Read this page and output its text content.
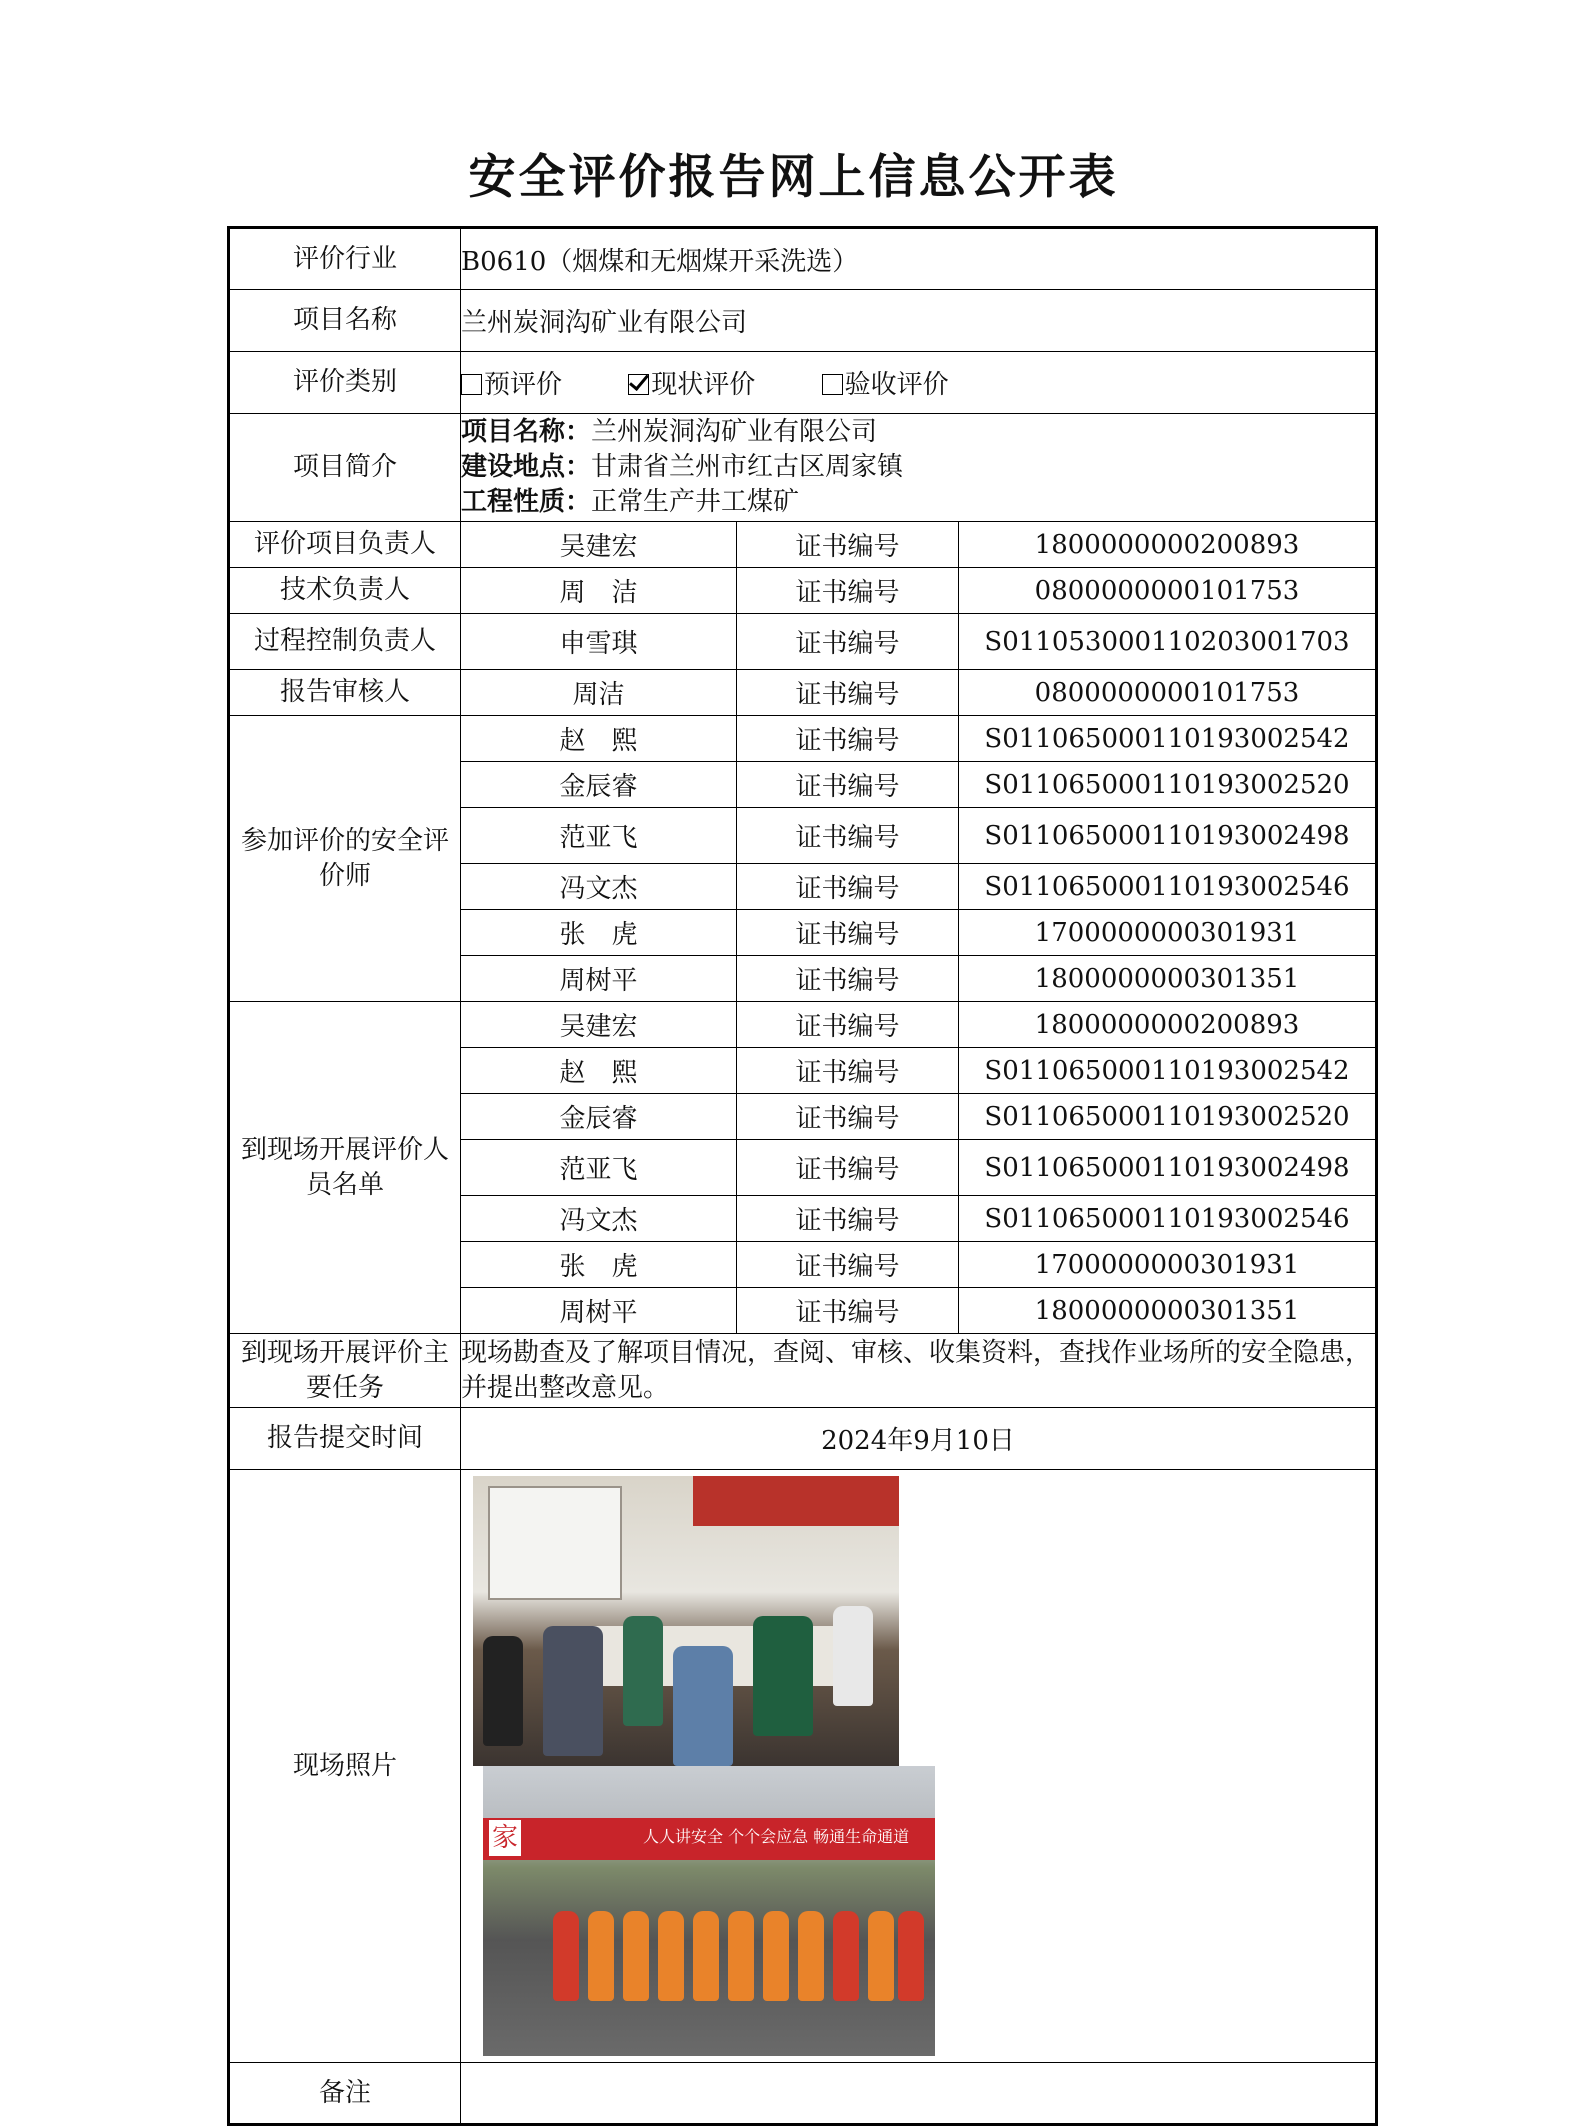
安全评价报告网上信息公开表
评价行业	B0610（烟煤和无烟煤开采洗选）		
项目名称	兰州炭洞沟矿业有限公司		
评价类别	预评价 现状评价 验收评价		
项目简介	项目名称：兰州炭洞沟矿业有限公司
建设地点：甘肃省兰州市红古区周家镇
工程性质：正常生产井工煤矿		

评价项目负责人	吴建宏	证书编号	1800000000200893
技术负责人	周　洁	证书编号	0800000000101753
过程控制负责人	申雪琪	证书编号	S011053000110203001703
报告审核人	周洁	证书编号	0800000000101753
参加评价的安全评价师	赵　熙	证书编号	S011065000110193002542
	金辰睿	证书编号	S011065000110193002520
	范亚飞	证书编号	S011065000110193002498
	冯文杰	证书编号	S011065000110193002546
	张　虎	证书编号	1700000000301931
	周树平	证书编号	1800000000301351
到现场开展评价人员名单	吴建宏	证书编号	1800000000200893
	赵　熙	证书编号	S011065000110193002542
	金辰睿	证书编号	S011065000110193002520
	范亚飞	证书编号	S011065000110193002498
	冯文杰	证书编号	S011065000110193002546
	张　虎	证书编号	1700000000301931
	周树平	证书编号	1800000000301351
到现场开展评价主要任务	现场勘查及了解项目情况，查阅、审核、收集资料，查找作业场所的安全隐患，并提出整改意见。		
报告提交时间	2024年9月10日		
现场照片	家 人人讲安全 个个会应急 畅通生命通道		

备注			
